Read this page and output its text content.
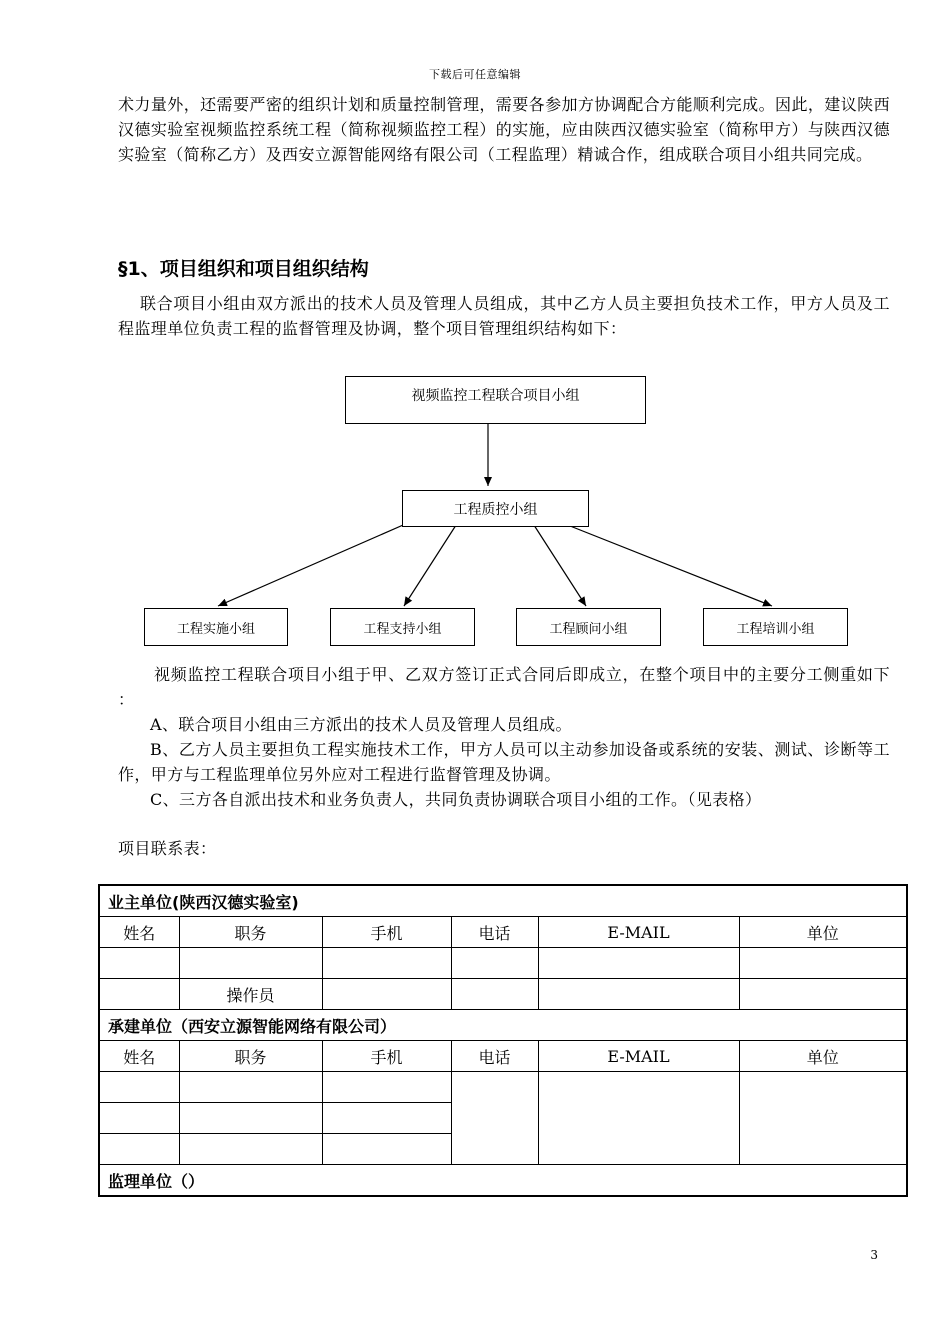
下载后可任意编辑
术力量外，还需要严密的组织计划和质量控制管理，需要各参加方协调配合方能顺利完成。因此，建议陕西汉德实验室视频监控系统工程（简称视频监控工程）的实施，应由陕西汉德实验室（简称甲方）与陕西汉德实验室（简称乙方）及西安立源智能网络有限公司（工程监理）精诚合作，组成联合项目小组共同完成。
§1、项目组织和项目组织结构
联合项目小组由双方派出的技术人员及管理人员组成，其中乙方人员主要担负技术工作，甲方人员及工程监理单位负责工程的监督管理及协调，整个项目管理组织结构如下：
视频监控工程联合项目小组
工程质控小组
工程实施小组	工程支持小组	工程顾问小组	工程培训小组
视频监控工程联合项目小组于甲、乙双方签订正式合同后即成立，在整个项目中的主要分工侧重如下 ：
A、联合项目小组由三方派出的技术人员及管理人员组成。
B、乙方人员主要担负工程实施技术工作，甲方人员可以主动参加设备或系统的安装、测试、诊断等工作，甲方与工程监理单位另外应对工程进行监督管理及协调。
C、三方各自派出技术和业务负责人，共同负责协调联合项目小组的工作。（见表格）
项目联系表：
业主单位(陕西汉德实验室)					
姓名	职务	手机	电话	E-MAIL	单位

	操作员				
承建单位（西安立源智能网络有限公司）					
姓名	职务	手机	电话	E-MAIL	单位

监理单位（）					
3
